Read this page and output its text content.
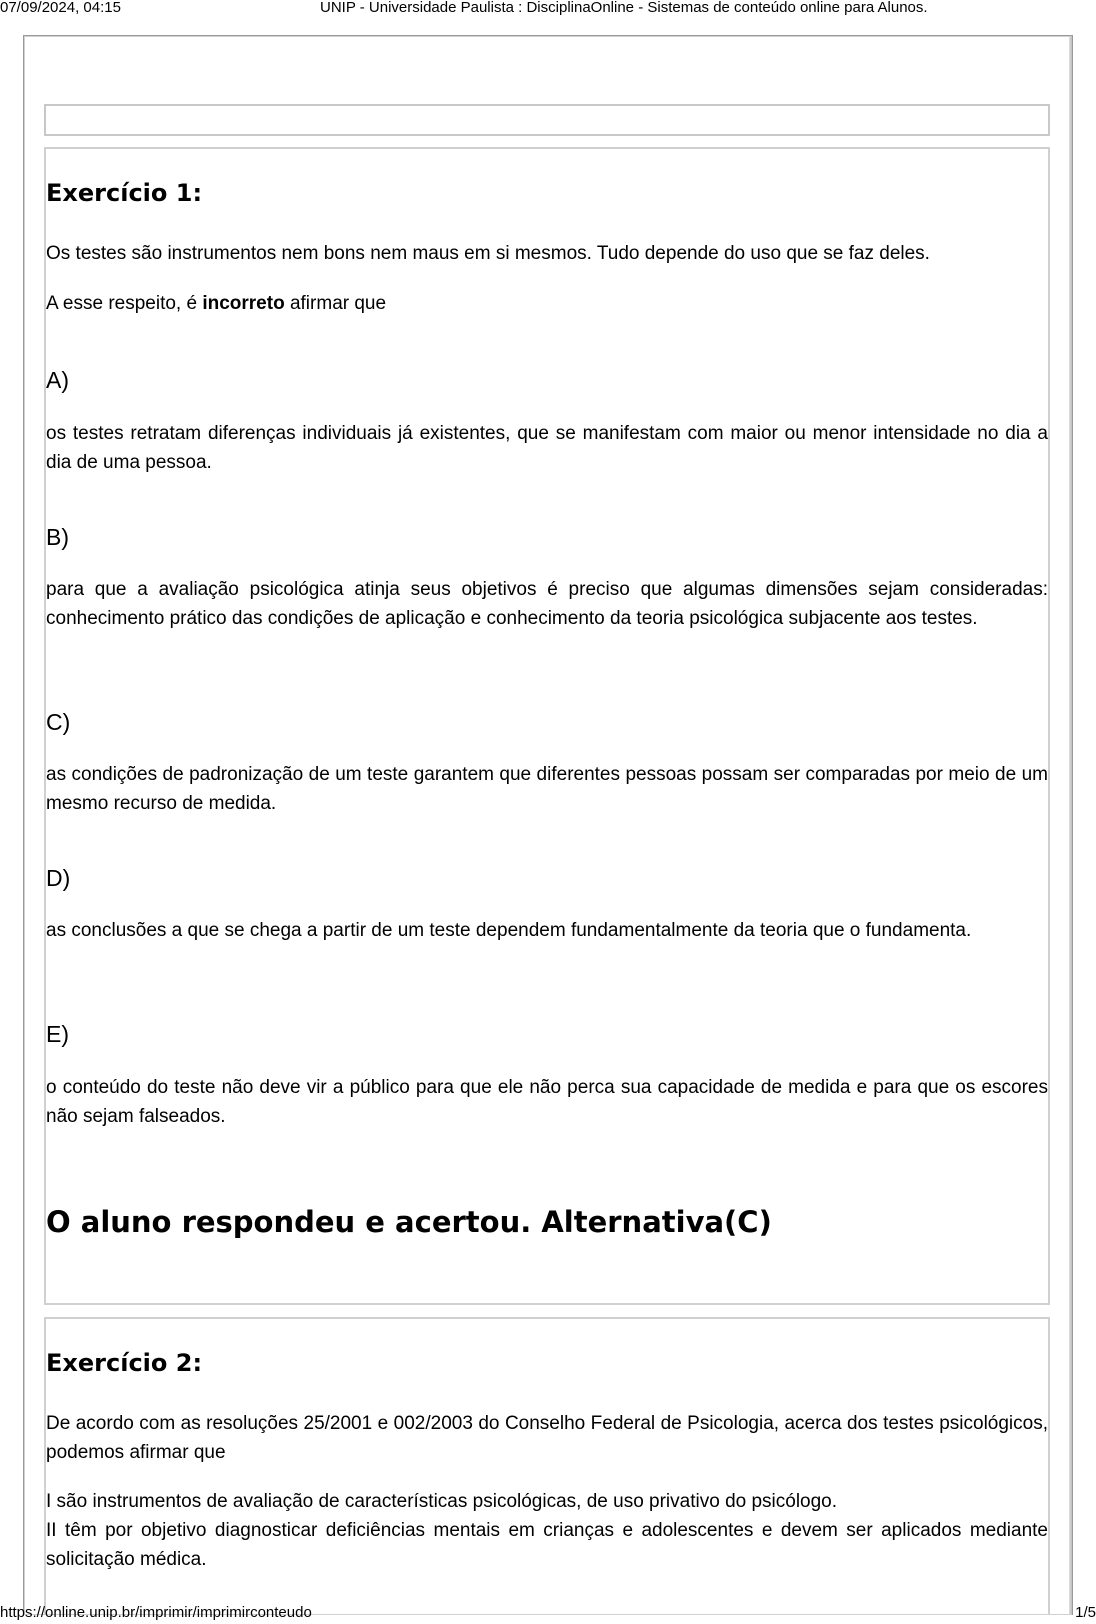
07/09/2024, 04:15	UNIP - Universidade Paulista : DisciplinaOnline - Sistemas de conteúdo online para Alunos.
Exercício 1:
Os testes são instrumentos nem bons nem maus em si mesmos. Tudo depende do uso que se faz deles.
A esse respeito, é incorreto afirmar que
A)
os testes retratam diferenças individuais já existentes, que se manifestam com maior ou menor intensidade no dia a dia de uma pessoa.
B)
para que a avaliação psicológica atinja seus objetivos é preciso que algumas dimensões sejam consideradas: conhecimento prático das condições de aplicação e conhecimento da teoria psicológica subjacente aos testes.
C)
as condições de padronização de um teste garantem que diferentes pessoas possam ser comparadas por meio de um mesmo recurso de medida.
D)
as conclusões a que se chega a partir de um teste dependem fundamentalmente da teoria que o fundamenta.
E)
o conteúdo do teste não deve vir a público para que ele não perca sua capacidade de medida e para que os escores não sejam falseados.
O aluno respondeu e acertou. Alternativa(C)
Exercício 2:
De acordo com as resoluções 25/2001 e 002/2003 do Conselho Federal de Psicologia, acerca dos testes psicológicos, podemos afirmar que
I são instrumentos de avaliação de características psicológicas, de uso privativo do psicólogo.
II têm por objetivo diagnosticar deficiências mentais em crianças e adolescentes e devem ser aplicados mediante solicitação médica.
https://online.unip.br/imprimir/imprimirconteudo	1/5
